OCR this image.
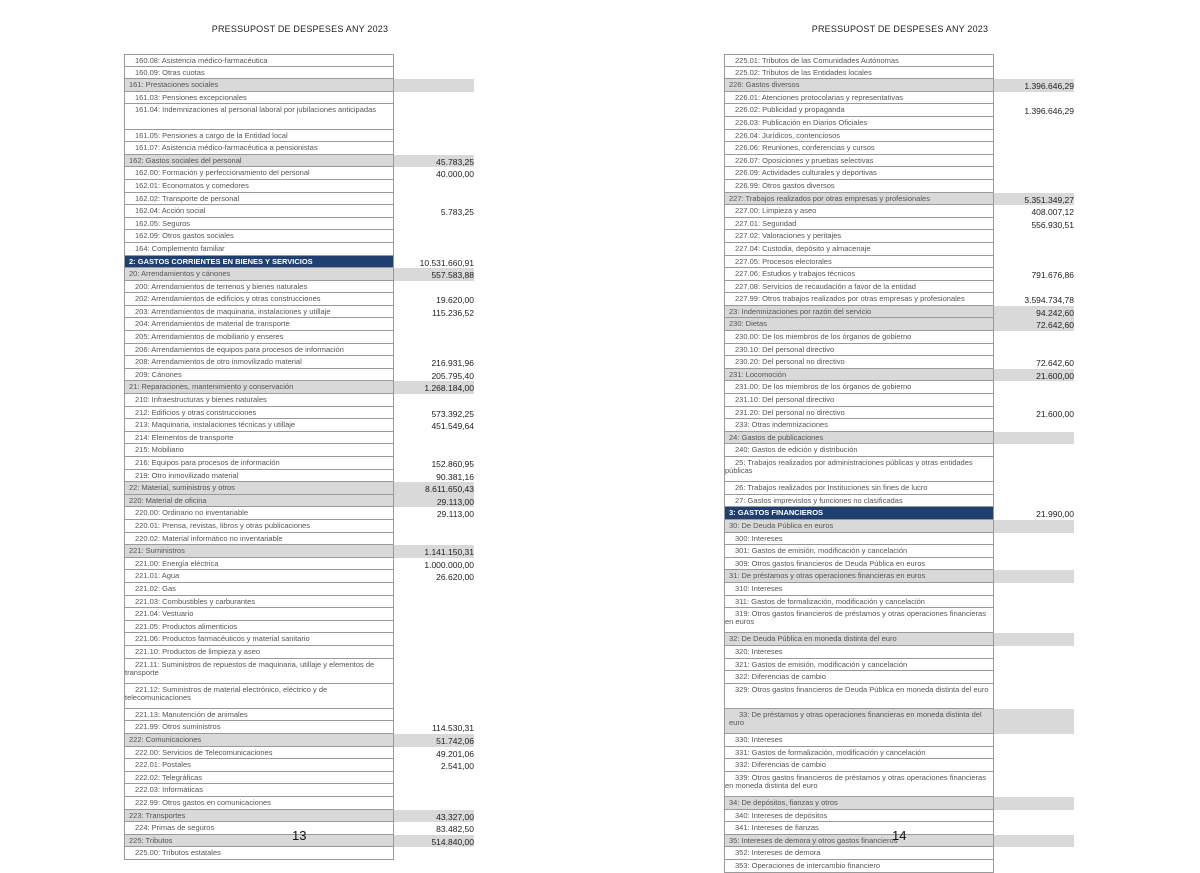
PRESSUPOST DE DESPESES ANY 2023
160.08: Asistencia médico-farmacéutica
160.09: Otras cuotas
161: Prestaciones sociales
161.03: Pensiones excepcionales
161.04: Indemnizaciones al personal laboral por jubilaciones anticipadas
161.05: Pensiones a cargo de la Entidad local
161.07: Asistencia médico-farmacéutica a pensionistas
162: Gastos sociales del personal	45.783,25
162.00: Formación y perfeccionamiento del personal	40.000,00
162.01: Economatos y comedores
162.02: Transporte de personal
162.04: Acción social	5.783,25
162.05: Seguros
162.09: Otros gastos sociales
164: Complemento familiar
2: GASTOS CORRIENTES EN BIENES Y SERVICIOS	10.531.660,91
20: Arrendamientos y cánones	557.583,88
200: Arrendamientos de terrenos y bienes naturales
202: Arrendamientos de edificios y otras construcciones	19.620,00
203: Arrendamientos de maquinaria, instalaciones y utillaje	115.236,52
204: Arrendamientos de material de transporte
205: Arrendamientos de mobiliario y enseres
206: Arrendamientos de equipos para procesos de información
208: Arrendamientos de otro inmovilizado material	216.931,96
209: Cánones	205.795,40
21: Reparaciones, mantenimiento y conservación	1.268.184,00
210: Infraestructuras y bienes naturales
212: Edificios y otras construcciones	573.392,25
213: Maquinaria, instalaciones técnicas y utillaje	451.549,64
214: Elementos de transporte
215: Mobiliario
216: Equipos para procesos de información	152.860,95
219: Otro inmovilizado material	90.381,16
22: Material, suministros y otros	8.611.650,43
220: Material de oficina	29.113,00
220.00: Ordinario no inventariable	29.113,00
220.01: Prensa, revistas, libros y otras publicaciones
220.02: Material informático no inventariable
221: Suministros	1.141.150,31
221.00: Energía eléctrica	1.000.000,00
221.01: Agua	26.620,00
221.02: Gas
221.03: Combustibles y carburantes
221.04: Vestuario
221.05: Productos alimenticios
221.06: Productos farmacéuticos y material sanitario
221.10: Productos de limpieza y aseo
221.11: Suministros de repuestos de maquinaria, utillaje y elementos de transporte
221.12: Suministros de material electrónico, eléctrico y de telecomunicaciones
221.13: Manutención de animales
221.99: Otros suministros	114.530,31
222: Comunicaciones	51.742,06
222.00: Servicios de Telecomunicaciones	49.201,06
222.01: Postales	2.541,00
222.02: Telegráficas
222.03: Informáticas
222.99: Otros gastos en comunicaciones
223: Transportes	43.327,00
224: Primas de seguros	83.482,50
225: Tributos	514.840,00
225.00: Tributos estatales
13
PRESSUPOST DE DESPESES ANY 2023
225.01: Tributos de las Comunidades Autónomas
225.02: Tributos de las Entidades locales
226: Gastos diversos	1.396.646,29
226.01: Atenciones protocolarias y representativas
226.02: Publicidad y propaganda	1.396.646,29
226.03: Publicación en Diarios Oficiales
226.04: Jurídicos, contenciosos
226.06: Reuniones, conferencias y cursos
226.07: Oposiciones y pruebas selectivas
226.09: Actividades culturales y deportivas
226.99: Otros gastos diversos
227: Trabajos realizados por otras empresas y profesionales	5.351.349,27
227.00: Limpieza y aseo	408.007,12
227.01: Seguridad	556.930,51
227.02: Valoraciones y peritajes
227.04: Custodia, depósito y almacenaje
227.05: Procesos electorales
227.06: Estudios y trabajos técnicos	791.676,86
227.08: Servicios de recaudación a favor de la entidad
227.99: Otros trabajos realizados por otras empresas y profesionales	3.594.734,78
23: Indemnizaciones por razón del servicio	94.242,60
230: Dietas	72.642,60
230.00: De los miembros de los órganos de gobierno
230.10: Del personal directivo
230.20: Del personal no directivo	72.642,60
231: Locomoción	21.600,00
231.00: De los miembros de los órganos de gobierno
231.10: Del personal directivo
231.20: Del personal no directivo	21.600,00
233: Otras indemnizaciones
24: Gastos de publicaciones
240: Gastos de edición y distribución
25: Trabajos realizados por administraciones públicas y otras entidades públicas
26: Trabajos realizados por Instituciones sin fines de lucro
27: Gastos imprevistos y funciones no clasificadas
3: GASTOS FINANCIEROS	21.990,00
30: De Deuda Pública en euros
300: Intereses
301: Gastos de emisión, modificación y cancelación
309: Otros gastos financieros de Deuda Pública en euros
31: De préstamos y otras operaciones financieras en euros
310: Intereses
311: Gastos de formalización, modificación y cancelación
319: Otros gastos financieros de préstamos y otras operaciones financieras en euros
32: De Deuda Pública en moneda distinta del euro
320: Intereses
321: Gastos de emisión, modificación y cancelación
322: Diferencias de cambio
329: Otros gastos financieros de Deuda Pública en moneda distinta del euro
33: De préstamos y otras operaciones financieras en moneda distinta del euro
330: Intereses
331: Gastos de formalización, modificación y cancelación
332: Diferencias de cambio
339: Otros gastos financieros de préstamos y otras operaciones financieras en moneda distinta del euro
34: De depósitos, fianzas y otros
340: Intereses de depósitos
341: Intereses de fianzas
35: Intereses de demora y otros gastos financieros
352: Intereses de demora
353: Operaciones de intercambio financiero
14
